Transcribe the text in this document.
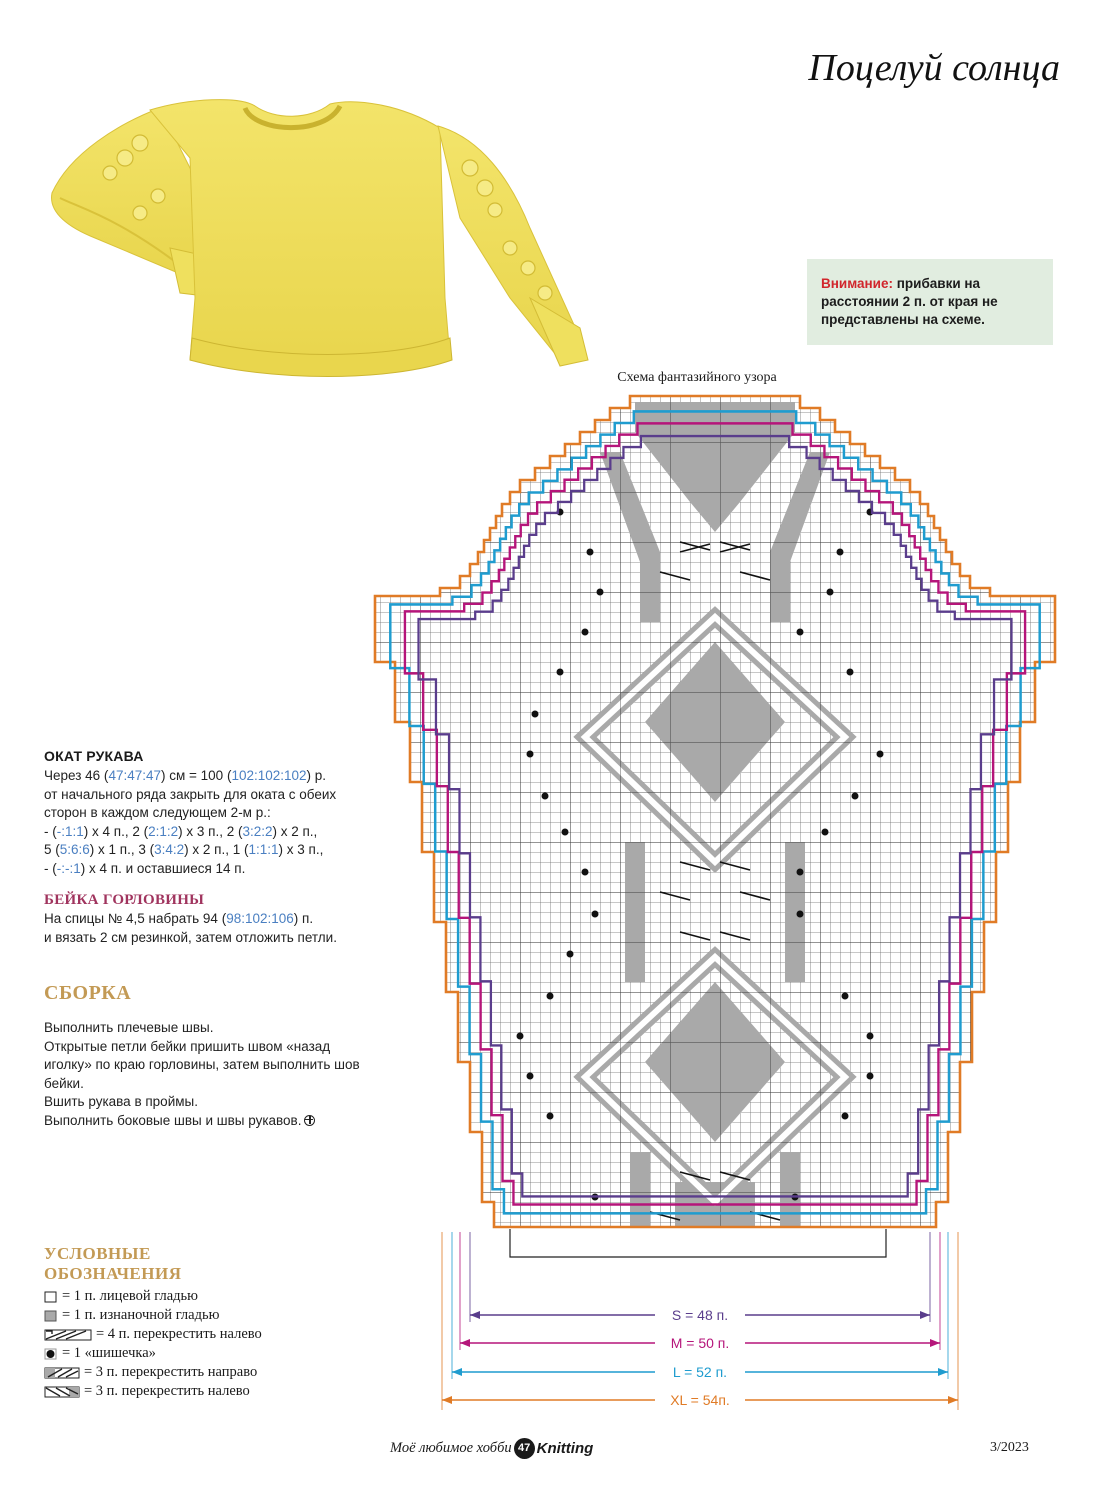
Поцелуй солнца
Внимание: прибавки на расстоянии 2 п. от края не представлены на схеме.
Схема фантазийного узора
S = 48 п.
M = 50 п.
L = 52 п.
XL = 54п.
ОКАТ РУКАВА
Через 46 (47:47:47) см = 100 (102:102:102) р.
от начального ряда закрыть для оката с обеих сторон в каждом следующем 2-м р.:
- (-:1:1) х 4 п., 2 (2:1:2) х 3 п., 2 (3:2:2) х 2 п.,
5 (5:6:6) х 1 п., 3 (3:4:2) х 2 п., 1 (1:1:1) х 3 п.,
- (-:-:1) х 4 п. и оставшиеся 14 п.
БЕЙКА ГОРЛОВИНЫ
На спицы № 4,5 набрать 94 (98:102:106) п.
и вязать 2 см резинкой, затем отложить петли.
СБОРКА
Выполнить плечевые швы.
Открытые петли бейки пришить швом «назад иголку» по краю горловины, затем выполнить шов бейки.
Вшить рукава в проймы.
Выполнить боковые швы и швы рукавов.
УСЛОВНЫЕ ОБОЗНАЧЕНИЯ
= 1 п. лицевой гладью
= 1 п. изнаночной гладью
= 4 п. перекрестить налево
= 1 «шишечка»
= 3 п. перекрестить направо
= 3 п. перекрестить налево
Моё любимое хобби 47 Knitting	3/2023
